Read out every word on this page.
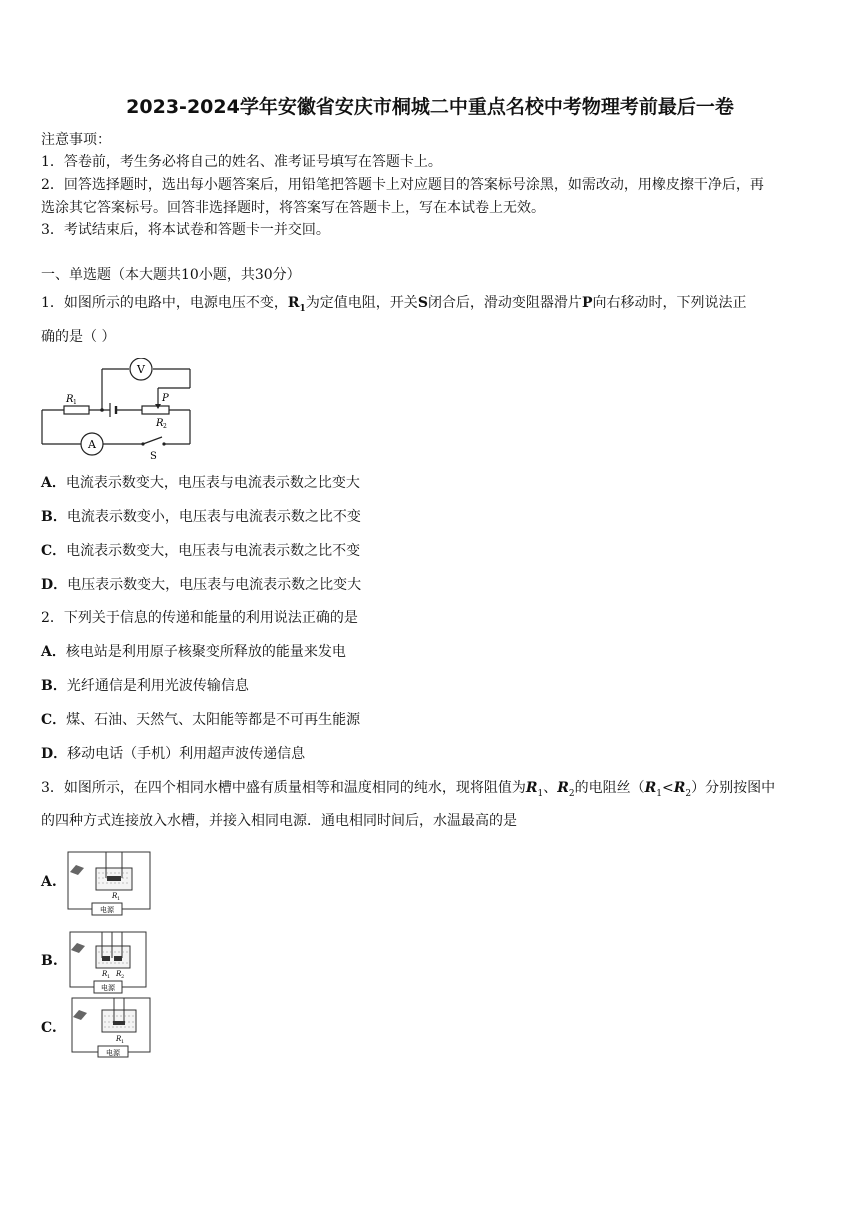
2023-2024学年安徽省安庆市桐城二中重点名校中考物理考前最后一卷
注意事项：
1．答卷前，考生务必将自己的姓名、准考证号填写在答题卡上。
2．回答选择题时，选出每小题答案后，用铅笔把答题卡上对应题目的答案标号涂黑，如需改动，用橡皮擦干净后，再
选涂其它答案标号。回答非选择题时，将答案写在答题卡上，写在本试卷上无效。
3．考试结束后，将本试卷和答题卡一并交回。
一、单选题（本大题共10小题，共30分）
1．如图所示的电路中，电源电压不变，$R_1$为定值电阻，开关S闭合后，滑动变阻器滑片P向右移动时，下列说法正
确的是（ ）
V
A
R 1	P
R 2
S
A．电流表示数变大，电压表与电流表示数之比变大
B．电流表示数变小，电压表与电流表示数之比不变
C．电流表示数变大，电压表与电流表示数之比不变
D．电压表示数变大，电压表与电流表示数之比变大
2．下列关于信息的传递和能量的利用说法正确的是
A．核电站是利用原子核聚变所释放的能量来发电
B．光纤通信是利用光波传输信息
C．煤、石油、天然气、太阳能等都是不可再生能源
D．移动电话（手机）利用超声波传递信息
3．如图所示，在四个相同水槽中盛有质量相等和温度相同的纯水，现将阻值为$R_1$、$R_2$的电阻丝$(R_1<R_2)$分别按图中
的四种方式连接放入水槽，并接入相同电源．通电相同时间后，水温最高的是
A.
R 1
电源
B.
R 1 R 2
电源
C.
R 1
电源
